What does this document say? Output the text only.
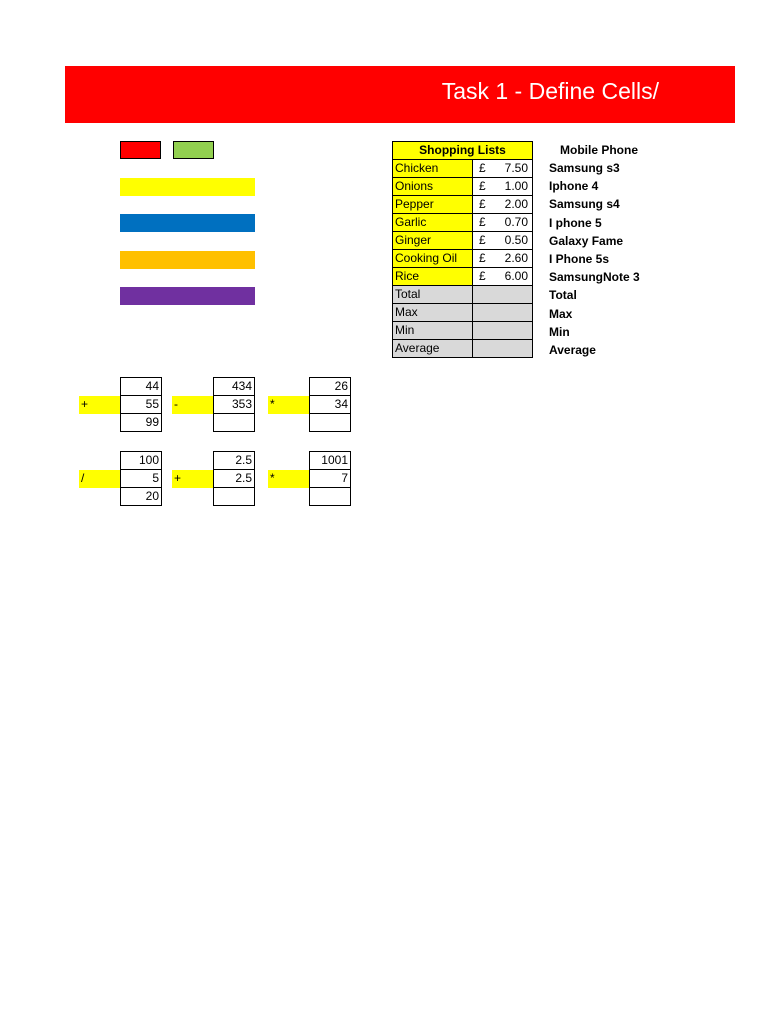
Task 1 - Define Cells/
Shopping Lists	
Chicken	£ 7.50

Onions	£ 1.00

Pepper	£ 2.00

Garlic	£ 0.70

Ginger	£ 0.50

Cooking Oil	£ 2.60

Rice	£ 6.00

Total	
Max	
Min	
Average	
Mobile Phone
Samsung s3
Iphone 4
Samsung s4
I phone 5
Galaxy Fame
I Phone 5s
SamsungNote 3
Total
Max
Min
Average
	44
+	55
	99
	434
-	353

	26
*	34

	100
/	5
	20
	2.5
+	2.5

	1001
*	7
